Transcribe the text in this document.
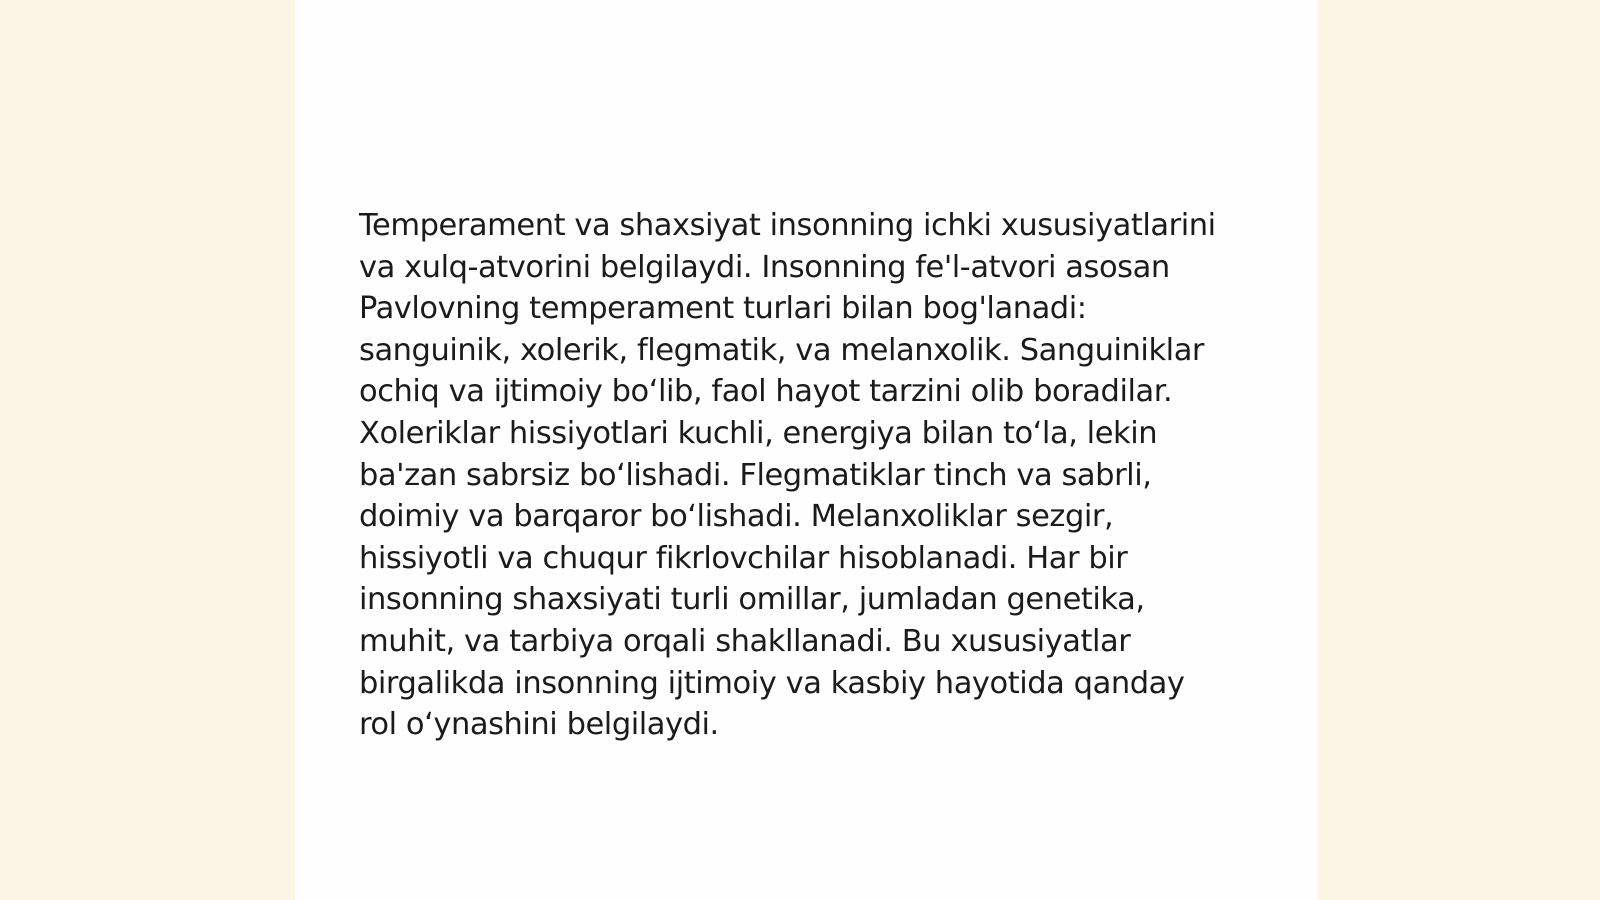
Temperament va shaxsiyat insonning ichki xususiyatlarini va xulq-atvorini belgilaydi. Insonning fe'l-atvori asosan Pavlovning temperament turlari bilan bog'lanadi: sanguinik, xolerik, flegmatik, va melanxolik. Sanguiniklar ochiq va ijtimoiy bo‘lib, faol hayot tarzini olib boradilar. Xoleriklar hissiyotlari kuchli, energiya bilan to‘la, lekin ba'zan sabrsiz bo‘lishadi. Flegmatiklar tinch va sabrli, doimiy va barqaror bo‘lishadi. Melanxoliklar sezgir, hissiyotli va chuqur fikrlovchilar hisoblanadi. Har bir insonning shaxsiyati turli omillar, jumladan genetika, muhit, va tarbiya orqali shakllanadi. Bu xususiyatlar birgalikda insonning ijtimoiy va kasbiy hayotida qanday rol o‘ynashini belgilaydi.
